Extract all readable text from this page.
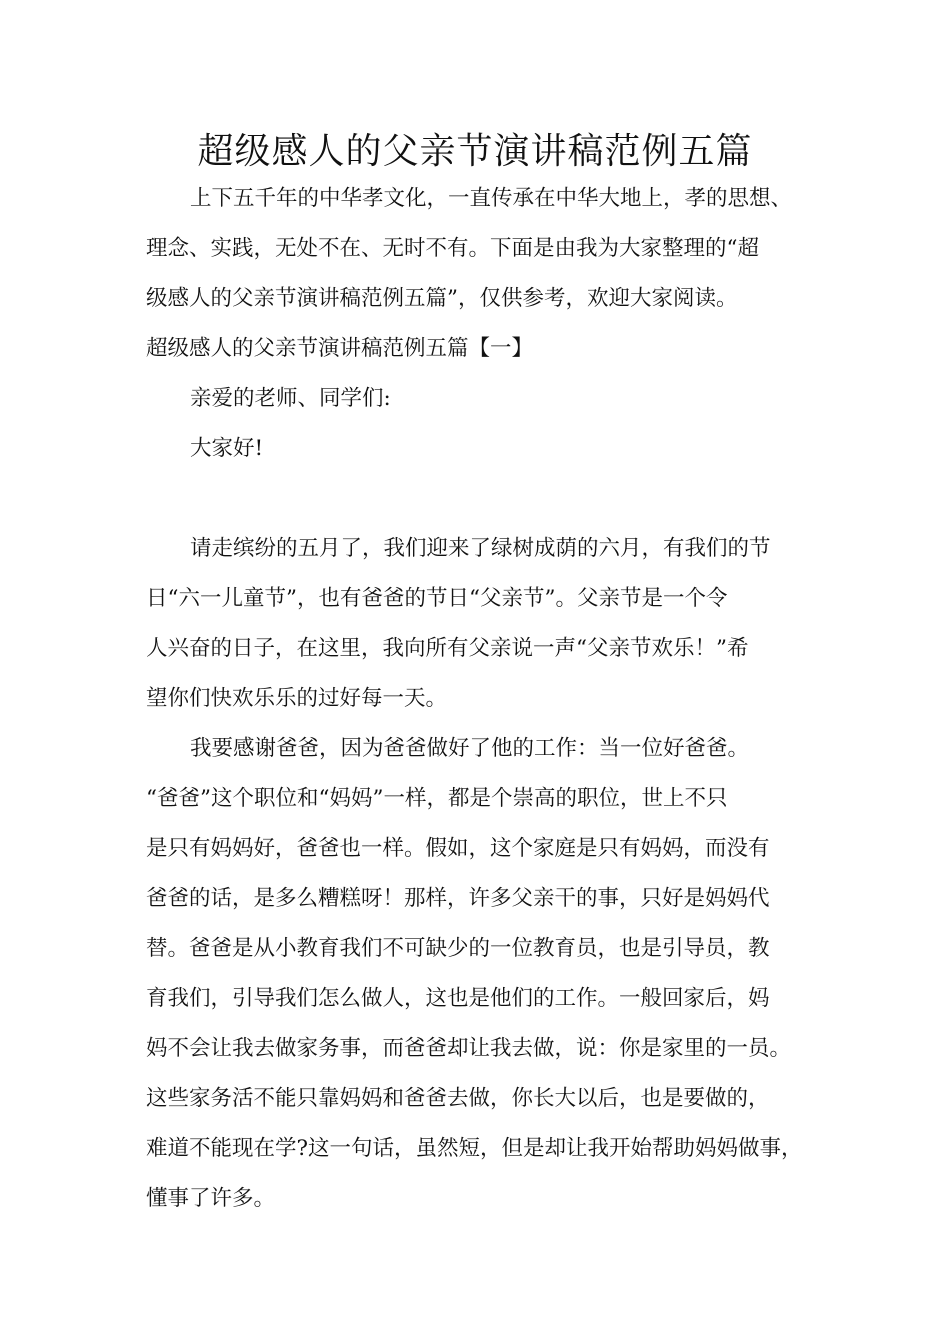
超级感人的父亲节演讲稿范例五篇

上下五千年的中华孝文化，一直传承在中华大地上，孝的思想、

理念、实践，无处不在、无时不有。下面是由我为大家整理的“超

级感人的父亲节演讲稿范例五篇”，仅供参考，欢迎大家阅读。

超级感人的父亲节演讲稿范例五篇【一】

亲爱的老师、同学们:

大家好!

请走缤纷的五月了，我们迎来了绿树成荫的六月，有我们的节

日“六一儿童节”，也有爸爸的节日“父亲节”。父亲节是一个令

人兴奋的日子，在这里，我向所有父亲说一声“父亲节欢乐！”希

望你们快欢乐乐的过好每一天。

我要感谢爸爸，因为爸爸做好了他的工作：当一位好爸爸。

“爸爸”这个职位和“妈妈”一样，都是个崇高的职位，世上不只

是只有妈妈好，爸爸也一样。假如，这个家庭是只有妈妈，而没有

爸爸的话，是多么糟糕呀！那样，许多父亲干的事，只好是妈妈代

替。爸爸是从小教育我们不可缺少的一位教育员，也是引导员，教

育我们，引导我们怎么做人，这也是他们的工作。一般回家后，妈

妈不会让我去做家务事，而爸爸却让我去做，说：你是家里的一员。

这些家务活不能只靠妈妈和爸爸去做，你长大以后，也是要做的，

难道不能现在学?这一句话，虽然短，但是却让我开始帮助妈妈做事，

懂事了许多。
